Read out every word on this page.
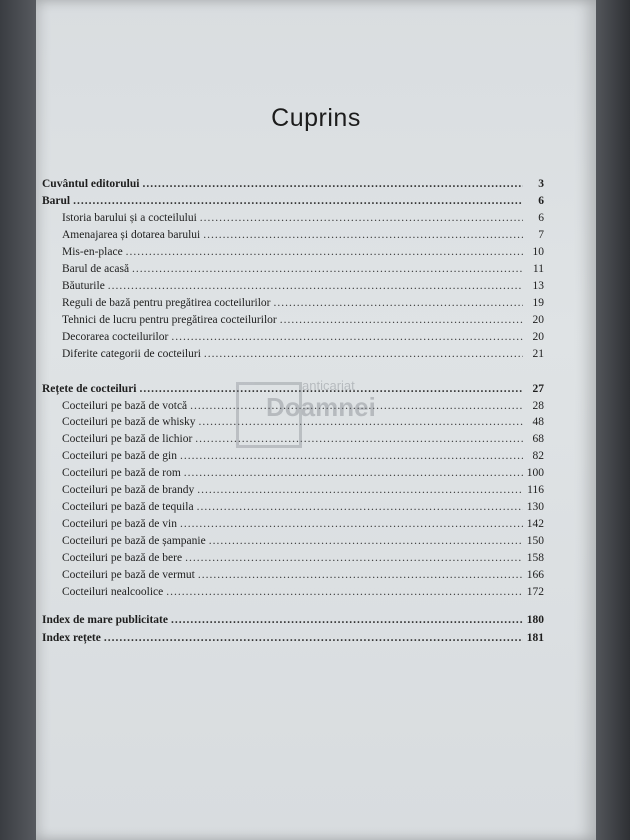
Cuprins
Cuvântul editorului .....	3
Barul .....	6
Istoria barului și a cocteilului .....	6
Amenajarea și dotarea barului .....	7
Mis-en-place .....	10
Barul de acasă .....	11
Băuturile .....	13
Reguli de bază pentru pregătirea cocteilurilor .....	19
Tehnici de lucru pentru pregătirea cocteilurilor .....	20
Decorarea cocteilurilor .....	20
Diferite categorii de cocteiluri .....	21
Rețete de cocteiluri .....	27
Cocteiluri pe bază de votcă .....	28
Cocteiluri pe bază de whisky .....	48
Cocteiluri pe bază de lichior .....	68
Cocteiluri pe bază de gin .....	82
Cocteiluri pe bază de rom .....	100
Cocteiluri pe bază de brandy .....	116
Cocteiluri pe bază de tequila .....	130
Cocteiluri pe bază de vin .....	142
Cocteiluri pe bază de șampanie .....	150
Cocteiluri pe bază de bere .....	158
Cocteiluri pe bază de vermut .....	166
Cocteiluri nealcoolice .....	172
Index de mare publicitate .....	180
Index rețete .....	181
anticariat
Doamnei
